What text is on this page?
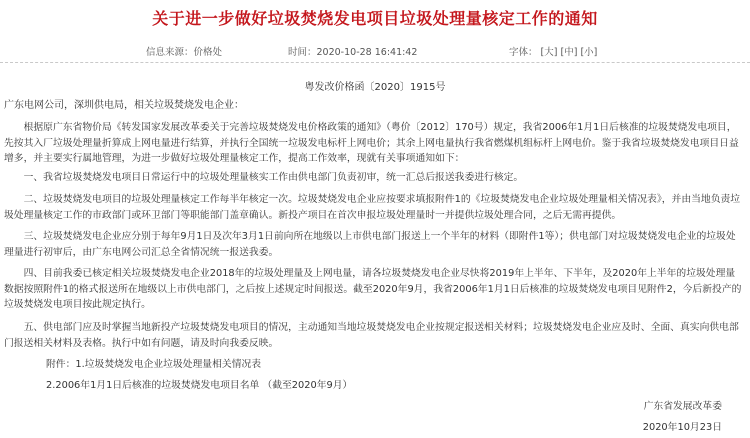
关于进一步做好垃圾焚烧发电项目垃圾处理量核定工作的通知
信息来源：价格处	时间：2020-10-28 16:41:42	字体： [大] [中] [小]
粤发改价格函〔2020〕1915号
广东电网公司，深圳供电局，相关垃圾焚烧发电企业：

根据原广东省物价局《转发国家发展改革委关于完善垃圾焚烧发电价格政策的通知》（粤价〔2012〕170号）规定，我省2006年1月1日后核准的垃圾焚烧发电项目，先按其入厂垃圾处理量折算成上网电量进行结算，并执行全国统一垃圾发电标杆上网电价；其余上网电量执行我省燃煤机组标杆上网电价。鉴于我省垃圾焚烧发电项目日益增多，并主要实行属地管理，为进一步做好垃圾处理量核定工作，提高工作效率，现就有关事项通知如下：

一、我省垃圾焚烧发电项目日常运行中的垃圾处理量核实工作由供电部门负责初审，统一汇总后报送我委进行核定。

二、垃圾焚烧发电项目的垃圾处理量核定工作每半年核定一次。垃圾焚烧发电企业应按要求填报附件1的《垃圾焚烧发电企业垃圾处理量相关情况表》，并由当地负责垃圾处理量核定工作的市政部门或环卫部门等职能部门盖章确认。新投产项目在首次申报垃圾处理量时一并提供垃圾处理合同，之后无需再提供。

三、垃圾焚烧发电企业应分别于每年9月1日及次年3月1日前向所在地级以上市供电部门报送上一个半年的材料（即附件1等）；供电部门对垃圾焚烧发电企业的垃圾处理量进行初审后，由广东电网公司汇总全省情况统一报送我委。

四、目前我委已核定相关垃圾焚烧发电企业2018年的垃圾处理量及上网电量，请各垃圾焚烧发电企业尽快将2019年上半年、下半年，及2020年上半年的垃圾处理量数据按照附件1的格式报送所在地级以上市供电部门，之后按上述规定时间报送。截至2020年9月，我省2006年1月1日后核准的垃圾焚烧发电项目见附件2，今后新投产的垃圾焚烧发电项目按此规定执行。

五、供电部门应及时掌握当地新投产垃圾焚烧发电项目的情况，主动通知当地垃圾焚烧发电企业按规定报送相关材料；垃圾焚烧发电企业应及时、全面、真实向供电部门报送相关材料及表格。执行中如有问题，请及时向我委反映。

附件：1.垃圾焚烧发电企业垃圾处理量相关情况表
2.2006年1月1日后核准的垃圾焚烧发电项目名单 （截至2020年9月）
广东省发展改革委
2020年10月23日
